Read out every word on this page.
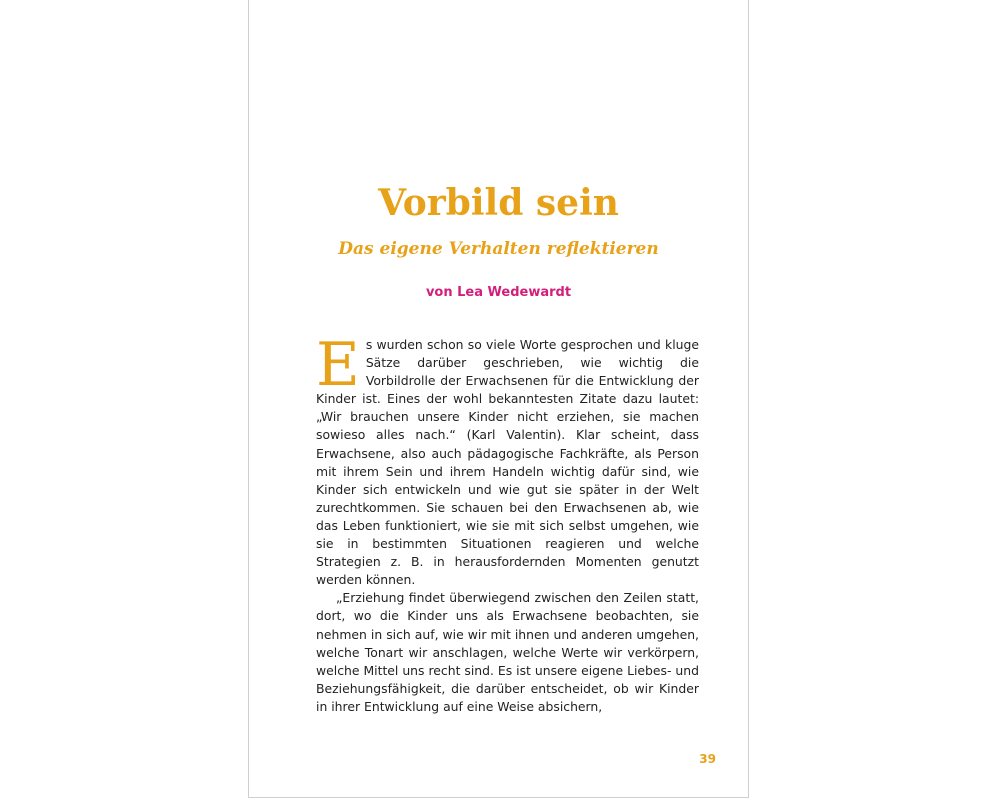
Vorbild sein
Das eigene Verhalten reflektieren
von Lea Wedewardt

Es wurden schon so viele Worte gesprochen und kluge Sätze darüber geschrieben, wie wichtig die Vorbildrolle der Erwachsenen für die Entwicklung der Kinder ist. Eines der wohl bekanntesten Zitate dazu lautet: „Wir brauchen unsere Kinder nicht erziehen, sie machen sowieso alles nach.“ (Karl Valentin). Klar scheint, dass Erwachsene, also auch pädagogische Fachkräfte, als Person mit ihrem Sein und ihrem Handeln wichtig dafür sind, wie Kinder sich entwickeln und wie gut sie später in der Welt zurechtkommen. Sie schauen bei den Erwachsenen ab, wie das Leben funktioniert, wie sie mit sich selbst umgehen, wie sie in bestimmten Situationen reagieren und welche Strategien z. B. in herausfordernden Momenten genutzt werden können.

„Erziehung findet überwiegend zwischen den Zeilen statt, dort, wo die Kinder uns als Erwachsene beobachten, sie nehmen in sich auf, wie wir mit ihnen und anderen umgehen, welche Tonart wir anschlagen, welche Werte wir verkörpern, welche Mittel uns recht sind. Es ist unsere eigene Liebes- und Beziehungsfähigkeit, die darüber entscheidet, ob wir Kinder in ihrer Entwicklung auf eine Weise absichern,

39
